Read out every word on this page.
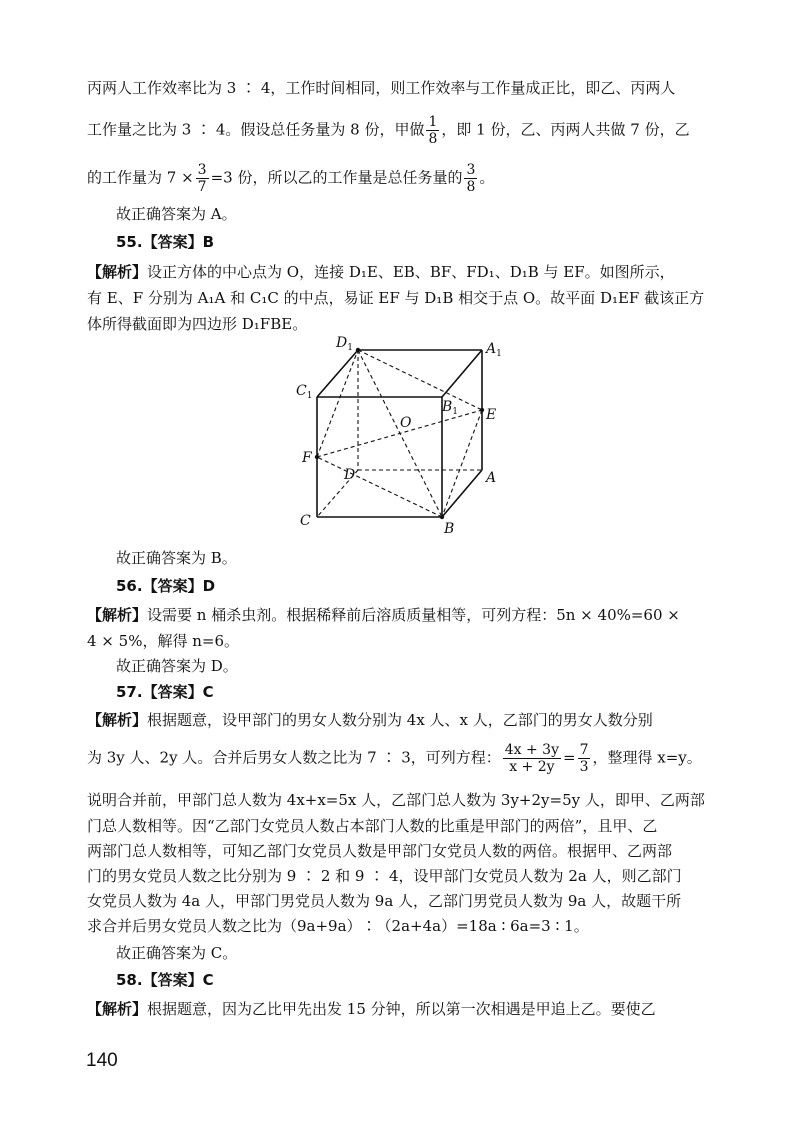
丙两人工作效率比为 3 ∶ 4，工作时间相同，则工作效率与工作量成正比，即乙、丙两人
工作量之比为 3 ∶ 4。假设总任务量为 8 份，甲做 $\frac{1}{8}$ ，即 1 份，乙、丙两人共做 7 份，乙
的工作量为 $7 \times \frac{3}{7} =3$ 份，所以乙的工作量是总任务量的 $\frac{3}{8}$ 。
故正确答案为 A。
55.【答案】B
【解析】设正方体的中心点为 O，连接 D₁E、EB、BF、FD₁、D₁B 与 EF。如图所示，
有 E、F 分别为 A₁A 和 C₁C 的中点，易证 EF 与 D₁B 相交于点 O。故平面 D₁EF 截该正方
体所得截面即为四边形 D₁FBE。
$D_1$	$A_1$
$C_1$
$B_1$
O	E
F
D	A
C	B
故正确答案为 B。
56.【答案】D
【解析】设需要 n 桶杀虫剂。根据稀释前后溶质质量相等，可列方程：5n × 40%=60 ×
4 × 5%，解得 n=6。
故正确答案为 D。
57.【答案】C
【解析】根据题意，设甲部门的男女人数分别为 4x 人、x 人，乙部门的男女人数分别
为 3y 人、2y 人。合并后男女人数之比为 7 ∶ 3，可列方程： $\frac{4x + 3y}{x + 2y} = \frac{7}{3}$ ，整理得 x=y。
说明合并前，甲部门总人数为 4x+x=5x 人，乙部门总人数为 3y+2y=5y 人，即甲、乙两部
门总人数相等。因“乙部门女党员人数占本部门人数的比重是甲部门的两倍”，且甲、乙
两部门总人数相等，可知乙部门女党员人数是甲部门女党员人数的两倍。根据甲、乙两部
门的男女党员人数之比分别为 9 ∶ 2 和 9 ∶ 4，设甲部门女党员人数为 2a 人，则乙部门
女党员人数为 4a 人，甲部门男党员人数为 9a 人，乙部门男党员人数为 9a 人，故题干所
求合并后男女党员人数之比为（9a+9a）∶（2a+4a）=18a ∶ 6a=3 ∶ 1。
故正确答案为 C。
58.【答案】C
【解析】根据题意，因为乙比甲先出发 15 分钟，所以第一次相遇是甲追上乙。要使乙
140
